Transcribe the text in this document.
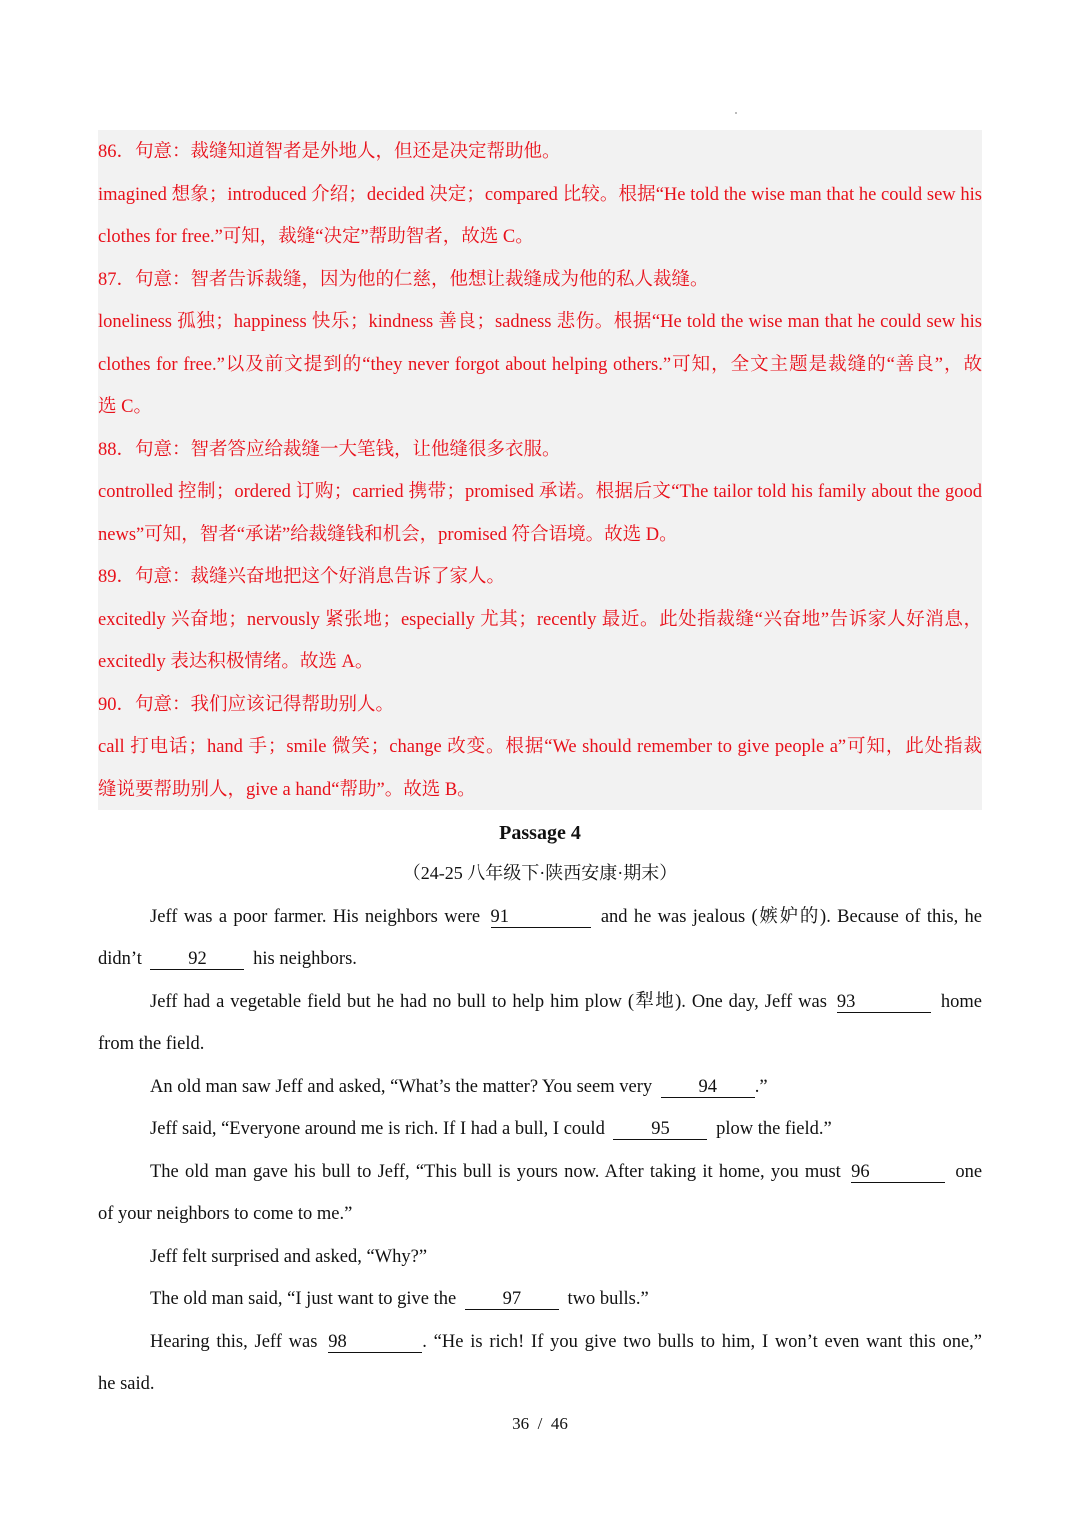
86．句意：裁缝知道智者是外地人，但还是决定帮助他。
imagined 想象；introduced 介绍；decided 决定；compared 比较。根据“He told the wise man that he could sew his
clothes for free.”可知，裁缝“决定”帮助智者，故选 C。
87．句意：智者告诉裁缝，因为他的仁慈，他想让裁缝成为他的私人裁缝。
loneliness 孤独；happiness 快乐；kindness 善良；sadness 悲伤。根据“He told the wise man that he could sew his
clothes for free.”以及前文提到的“they never forgot about helping others.”可知，全文主题是裁缝的“善良”，故
选 C。
88．句意：智者答应给裁缝一大笔钱，让他缝很多衣服。
controlled 控制；ordered 订购；carried 携带；promised 承诺。根据后文“The tailor told his family about the good
news”可知，智者“承诺”给裁缝钱和机会，promised 符合语境。故选 D。
89．句意：裁缝兴奋地把这个好消息告诉了家人。
excitedly 兴奋地；nervously 紧张地；especially 尤其；recently 最近。此处指裁缝“兴奋地”告诉家人好消息，
excitedly 表达积极情绪。故选 A。
90．句意：我们应该记得帮助别人。
call 打电话；hand 手；smile 微笑；change 改变。根据“We should remember to give people a”可知，此处指裁
缝说要帮助别人，give a hand“帮助”。故选 B。
Passage 4
（24-25 八年级下·陕西安康·期末）
Jeff was a poor farmer. His neighbors were 91	and he was jealous (嫉妒的). Because of this, he
didn’t	92	his neighbors.
Jeff had a vegetable field but he had no bull to help him plow (犁地). One day, Jeff was 93	home
from the field.
An old man saw Jeff and asked, “What’s the matter? You seem very	94 .”
Jeff said, “Everyone around me is rich. If I had a bull, I could	95	plow the field.”
The old man gave his bull to Jeff, “This bull is yours now. After taking it home, you must 96	one
of your neighbors to come to me.”
Jeff felt surprised and asked, “Why?”
The old man said, “I just want to give the	97	two bulls.”
Hearing this, Jeff was 98	. “He is rich! If you give two bulls to him, I won’t even want this one,”
he said.
36 / 46
